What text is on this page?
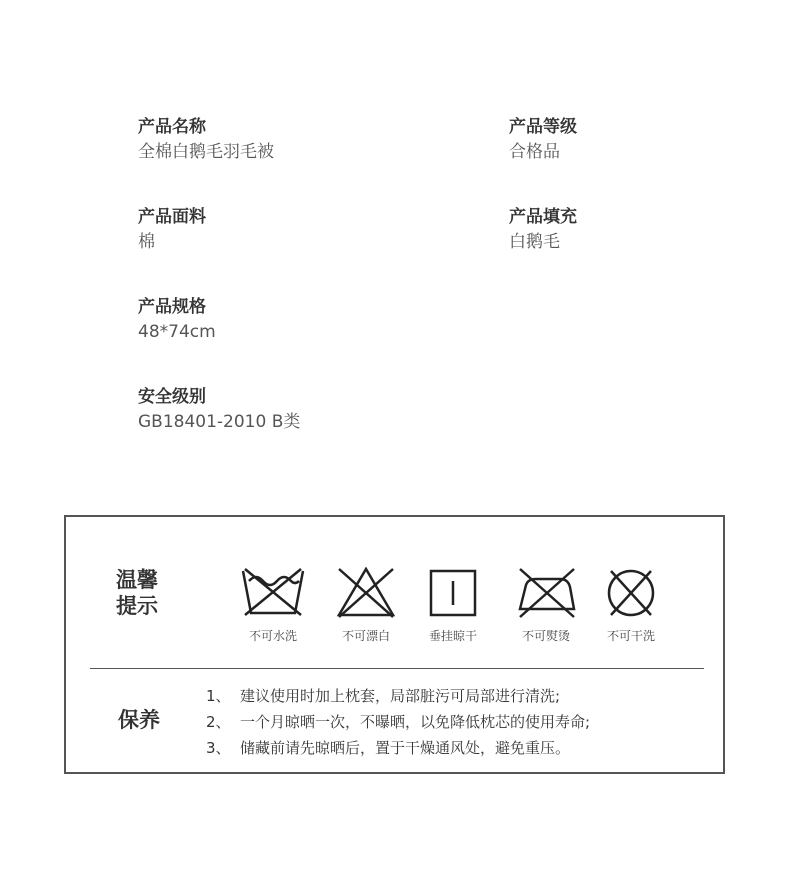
产品名称
全棉白鹅毛羽毛被
产品等级
合格品
产品面料
棉
产品填充
白鹅毛
产品规格
48*74cm
安全级别
GB18401-2010 B类
温馨
提示
不可水洗	不可漂白	垂挂晾干	不可熨烫	不可干洗
保养
1、 建议使用时加上枕套，局部脏污可局部进行清洗;
2、 一个月晾晒一次，不曝晒，以免降低枕芯的使用寿命;
3、 储藏前请先晾晒后，置于干燥通风处，避免重压。
